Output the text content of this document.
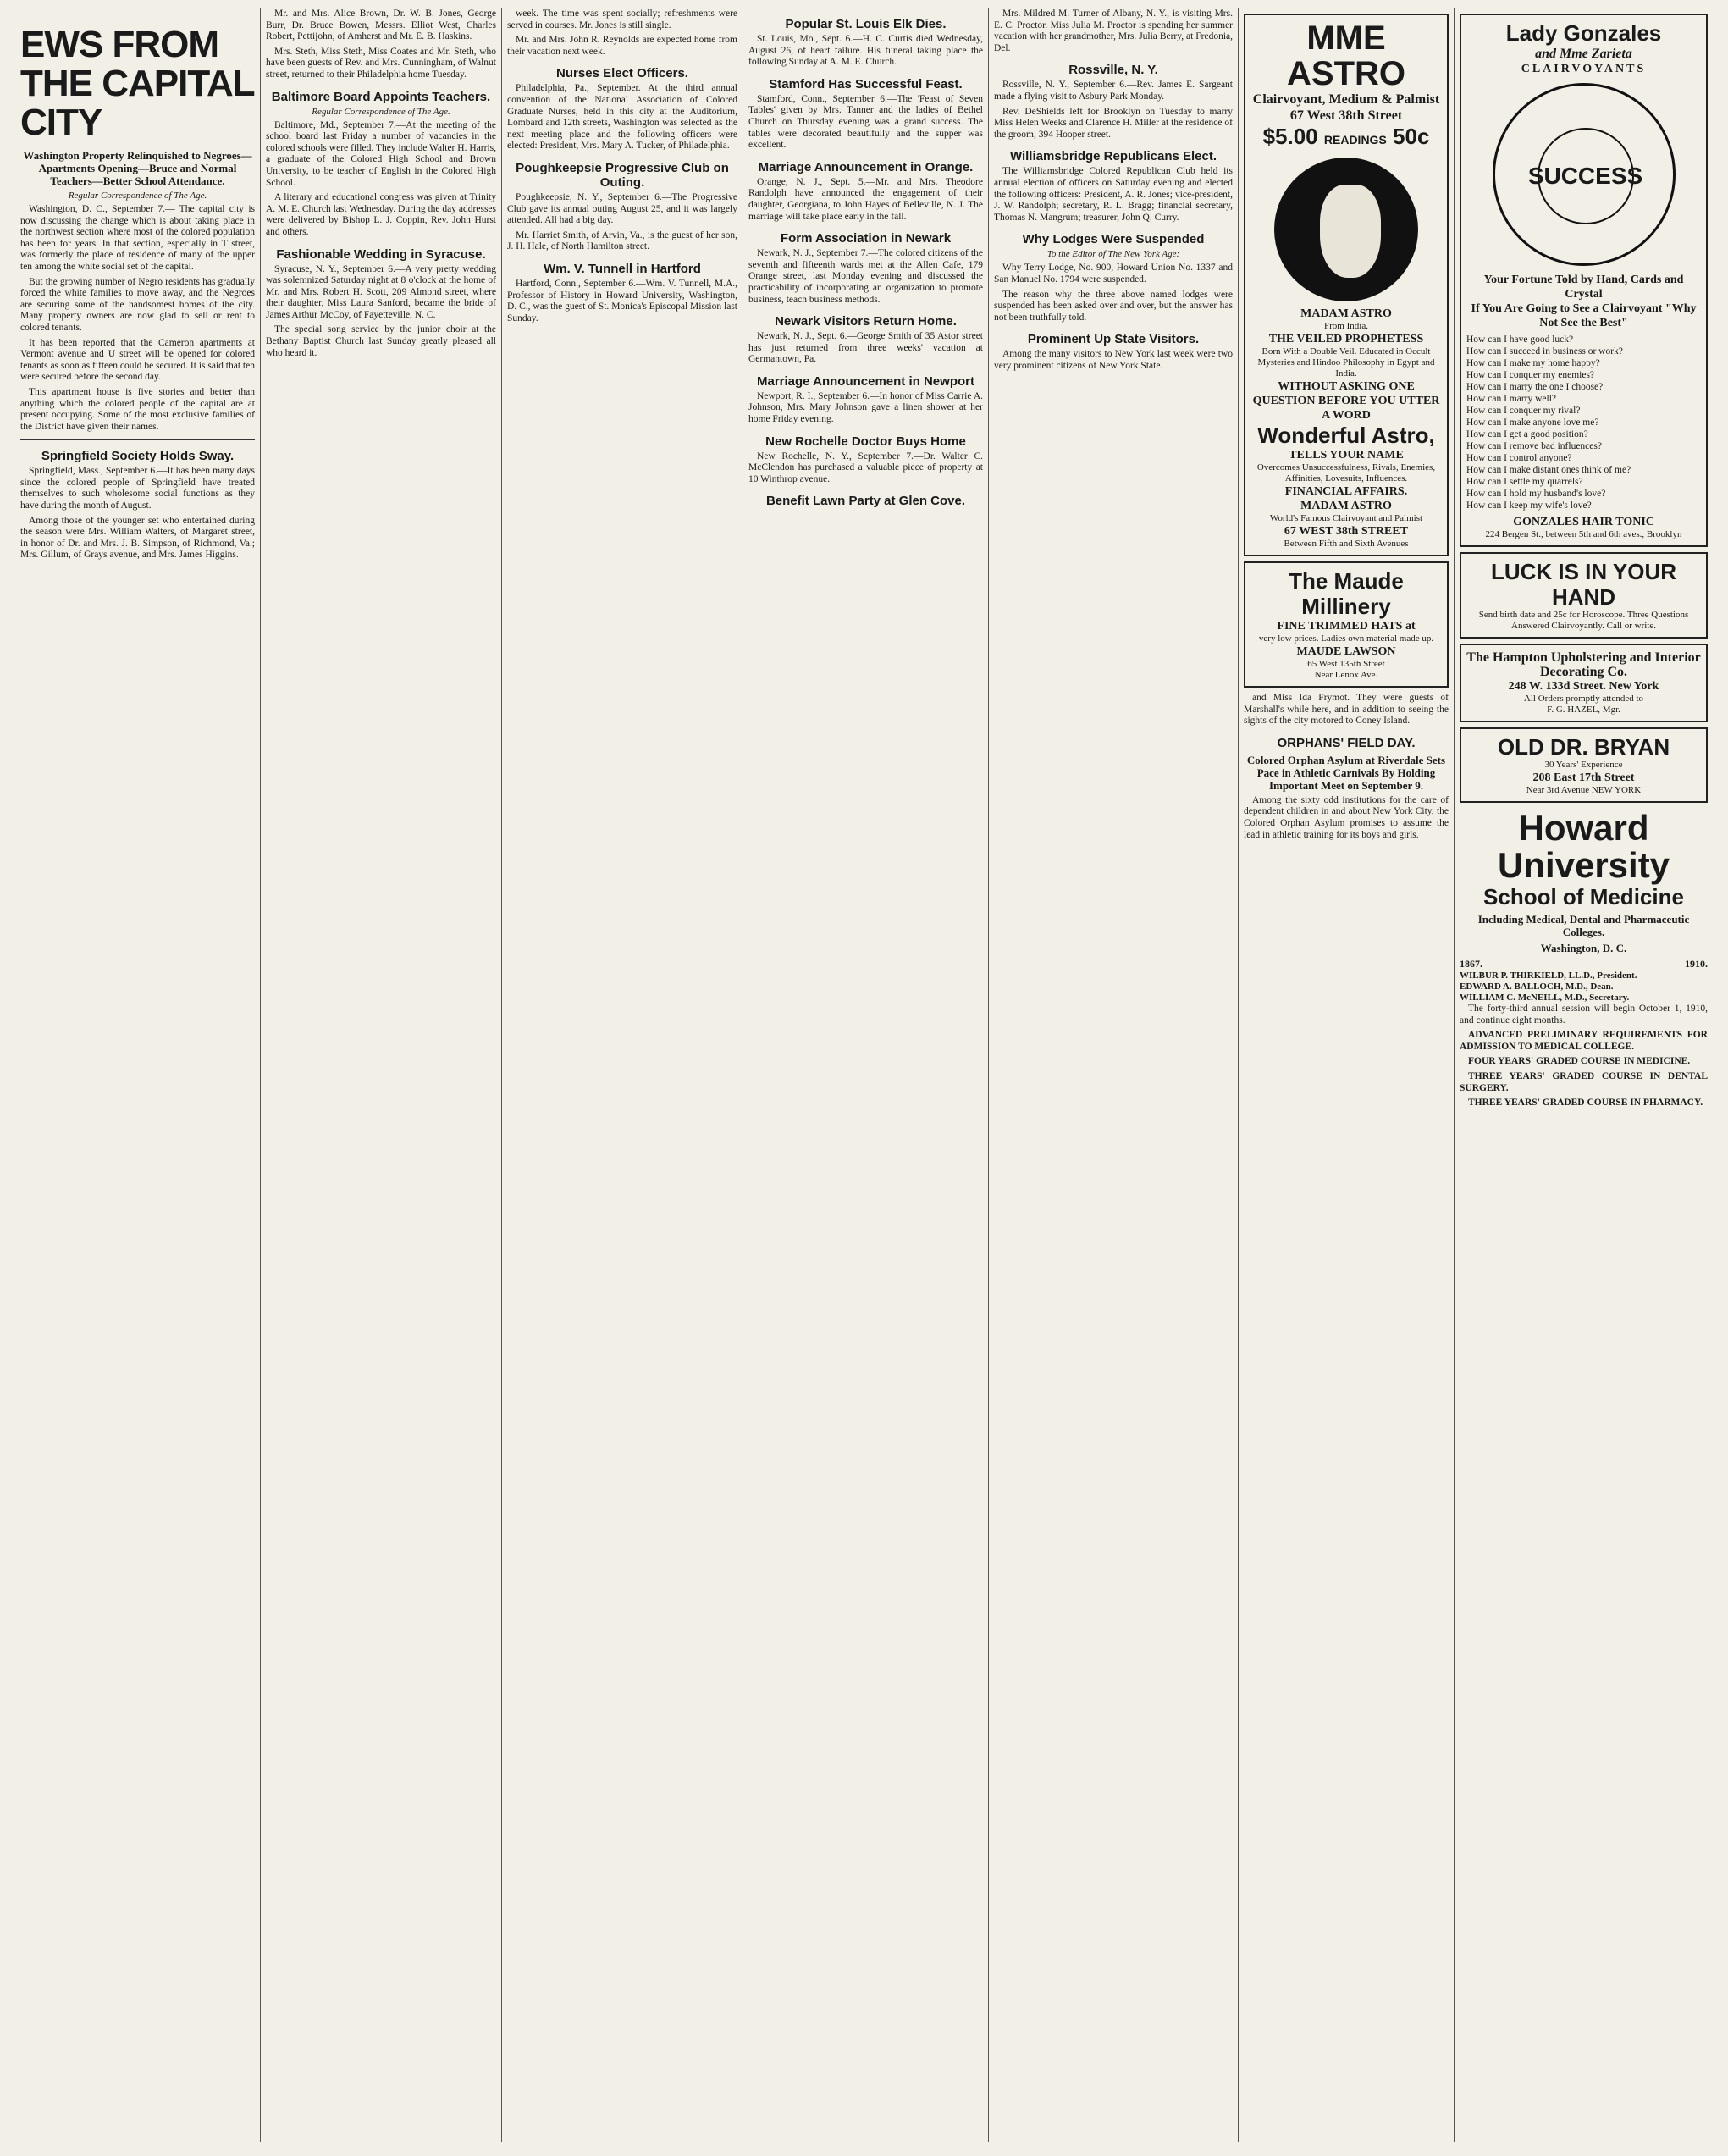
EWS FROM THE CAPITAL CITY
Washington Property Relinquished to Negroes—Apartments Opening—Bruce and Normal Teachers—Better School Attendance.
Regular Correspondence of The Age.

Washington, D. C., September 7.— The capital city is now discussing the change which is about taking place in the northwest section where most of the colored population has been for years. In that section, especially in T street, was formerly the place of residence of many of the upper ten among the white social set of the capital.

But the growing number of Negro residents has gradually forced the white families to move away, and the Negroes are securing some of the handsomest homes of the city. Many property owners are now glad to sell or rent to colored tenants.

It has been reported that the Cameron apartments at Vermont avenue and U street will be opened for colored tenants as soon as fifteen could be secured. It is said that ten were secured before the second day.

This apartment house is five stories and better than anything which the colored people of the capital are at present occupying. Some of the most exclusive families of the District have given their names.

Springfield Society Holds Sway.

Springfield, Mass., September 6.—It has been many days since the colored people of Springfield have treated themselves to such wholesome social functions as they have during the month of August.

Among those of the younger set who entertained during the season were Mrs. William Walters, of Margaret street, in honor of Dr. and Mrs. J. B. Simpson, of Richmond, Va.; Mrs. Gillum, of Grays avenue, and Mrs. James Higgins.

Mr. and Mrs. Alice Brown, Dr. W. B. Jones, George Burr, Dr. Bruce Bowen, Messrs. Elliot West, Charles Robert, Pettijohn, of Amherst and Mr. E. B. Haskins.

Mrs. Steth, Miss Steth, Miss Coates and Mr. Steth, who have been guests of Rev. and Mrs. Cunningham, of Walnut street, returned to their Philadelphia home Tuesday.

Baltimore Board Appoints Teachers.
Regular Correspondence of The Age.

Baltimore, Md., September 7.—At the meeting of the school board last Friday a number of vacancies in the colored schools were filled. They include Walter H. Harris, a graduate of the Colored High School and Brown University, to be teacher of English in the Colored High School.

A literary and educational congress was given at Trinity A. M. E. Church last Wednesday. During the day addresses were delivered by Bishop L. J. Coppin, Rev. John Hurst and others.

Fashionable Wedding in Syracuse.

Syracuse, N. Y., September 6.—A very pretty wedding was solemnized Saturday night at 8 o'clock at the home of Mr. and Mrs. Robert H. Scott, 209 Almond street, where their daughter, Miss Laura Sanford, became the bride of James Arthur McCoy, of Fayetteville, N. C.

The special song service by the junior choir at the Bethany Baptist Church last Sunday greatly pleased all who heard it.

week. The time was spent socially; refreshments were served in courses. Mr. Jones is still single.

Mr. and Mrs. John R. Reynolds are expected home from their vacation next week.

Nurses Elect Officers.

Philadelphia, Pa., September. At the third annual convention of the National Association of Colored Graduate Nurses, held in this city at the Auditorium, Lombard and 12th streets, Washington was selected as the next meeting place and the following officers were elected: President, Mrs. Mary A. Tucker, of Philadelphia.

Poughkeepsie Progressive Club on Outing.

Poughkeepsie, N. Y., September 6.—The Progressive Club gave its annual outing August 25, and it was largely attended. All had a big day.

Mr. Harriet Smith, of Arvin, Va., is the guest of her son, J. H. Hale, of North Hamilton street.

Wm. V. Tunnell in Hartford

Hartford, Conn., September 6.—Wm. V. Tunnell, M.A., Professor of History in Howard University, Washington, D. C., was the guest of St. Monica's Episcopal Mission last Sunday.

Popular St. Louis Elk Dies.

St. Louis, Mo., Sept. 6.—H. C. Curtis died Wednesday, August 26, of heart failure. His funeral taking place the following Sunday at A. M. E. Church.

Stamford Has Successful Feast.

Stamford, Conn., September 6.—The 'Feast of Seven Tables' given by Mrs. Tanner and the ladies of Bethel Church on Thursday evening was a grand success. The tables were decorated beautifully and the supper was excellent.

Marriage Announcement in Orange.

Orange, N. J., Sept. 5.—Mr. and Mrs. Theodore Randolph have announced the engagement of their daughter, Georgiana, to John Hayes of Belleville, N. J. The marriage will take place early in the fall.

Form Association in Newark

Newark, N. J., September 7.—The colored citizens of the seventh and fifteenth wards met at the Allen Cafe, 179 Orange street, last Monday evening and discussed the practicability of incorporating an organization to promote business, teach business methods.

Newark Visitors Return Home.

Newark, N. J., Sept. 6.—George Smith of 35 Astor street has just returned from three weeks' vacation at Germantown, Pa.

Marriage Announcement in Newport

Newport, R. I., September 6.—In honor of Miss Carrie A. Johnson, Mrs. Mary Johnson gave a linen shower at her home Friday evening.

New Rochelle Doctor Buys Home

New Rochelle, N. Y., September 7.—Dr. Walter C. McClendon has purchased a valuable piece of property at 10 Winthrop avenue.

Benefit Lawn Party at Glen Cove.

Mrs. Mildred M. Turner of Albany, N. Y., is visiting Mrs. E. C. Proctor. Miss Julia M. Proctor is spending her summer vacation with her grandmother, Mrs. Julia Berry, at Fredonia, Del.

Rossville, N. Y.

Rossville, N. Y., September 6.—Rev. James E. Sargeant made a flying visit to Asbury Park Monday.

Rev. DeShields left for Brooklyn on Tuesday to marry Miss Helen Weeks and Clarence H. Miller at the residence of the groom, 394 Hooper street.

Williamsbridge Republicans Elect.

The Williamsbridge Colored Republican Club held its annual election of officers on Saturday evening and elected the following officers: President, A. R. Jones; vice-president, J. W. Randolph; secretary, R. L. Bragg; financial secretary, Thomas N. Mangrum; treasurer, John Q. Curry.

Why Lodges Were Suspended
To the Editor of The New York Age:

Why Terry Lodge, No. 900, Howard Union No. 1337 and San Manuel No. 1794 were suspended.

The reason why the three above named lodges were suspended has been asked over and over, but the answer has not been truthfully told.

Prominent Up State Visitors.

Among the many visitors to New York last week were two very prominent citizens of New York State.

MME ASTRO
Clairvoyant, Medium & Palmist
67 West 38th Street
$5.00 READINGS 50c
MADAM ASTRO
From India.
THE VEILED PROPHETESS
Born With a Double Veil. Educated in Occult Mysteries and Hindoo Philosophy in Egypt and India.
WITHOUT ASKING ONE QUESTION BEFORE YOU UTTER A WORD
Wonderful Astro,
TELLS YOUR NAME
Overcomes Unsuccessfulness, Rivals, Enemies, Affinities, Lovesuits, Influences.
FINANCIAL AFFAIRS.
MADAM ASTRO
World's Famous Clairvoyant and Palmist
67 WEST 38th STREET
Between Fifth and Sixth Avenues
The Maude Millinery
FINE TRIMMED HATS at
very low prices. Ladies own material made up.
MAUDE LAWSON
65 West 135th Street
Near Lenox Ave.

and Miss Ida Frymot. They were guests of Marshall's while here, and in addition to seeing the sights of the city motored to Coney Island.

ORPHANS' FIELD DAY.
Colored Orphan Asylum at Riverdale Sets Pace in Athletic Carnivals By Holding Important Meet on September 9.

Among the sixty odd institutions for the care of dependent children in and about New York City, the Colored Orphan Asylum promises to assume the lead in athletic training for its boys and girls.

Lady Gonzales
and Mme Zarieta
CLAIRVOYANTS
SUCCESS
Your Fortune Told by Hand, Cards and Crystal
If You Are Going to See a Clairvoyant "Why Not See the Best"
How can I have good luck?
How can I succeed in business or work?
How can I make my home happy?
How can I conquer my enemies?
How can I marry the one I choose?
How can I marry well?
How can I conquer my rival?
How can I make anyone love me?
How can I get a good position?
How can I remove bad influences?
How can I control anyone?
How can I make distant ones think of me?
How can I settle my quarrels?
How can I hold my husband's love?
How can I keep my wife's love?
GONZALES HAIR TONIC
224 Bergen St., between 5th and 6th aves., Brooklyn
LUCK IS IN YOUR HAND
Send birth date and 25c for Horoscope. Three Questions Answered Clairvoyantly. Call or write.
The Hampton Upholstering and Interior Decorating Co.
248 W. 133d Street. New York
All Orders promptly attended to
F. G. HAZEL, Mgr.
OLD DR. BRYAN
30 Years' Experience
208 East 17th Street
Near 3rd Avenue NEW YORK
Howard University
School of Medicine
Including Medical, Dental and Pharmaceutic Colleges.
Washington, D. C.
1867.	1910.
WILBUR P. THIRKIELD, LL.D., President.
EDWARD A. BALLOCH, M.D., Dean.
WILLIAM C. McNEILL, M.D., Secretary.

The forty-third annual session will begin October 1, 1910, and continue eight months.

ADVANCED PRELIMINARY REQUIREMENTS FOR ADMISSION TO MEDICAL COLLEGE.

FOUR YEARS' GRADED COURSE IN MEDICINE.

THREE YEARS' GRADED COURSE IN DENTAL SURGERY.

THREE YEARS' GRADED COURSE IN PHARMACY.
